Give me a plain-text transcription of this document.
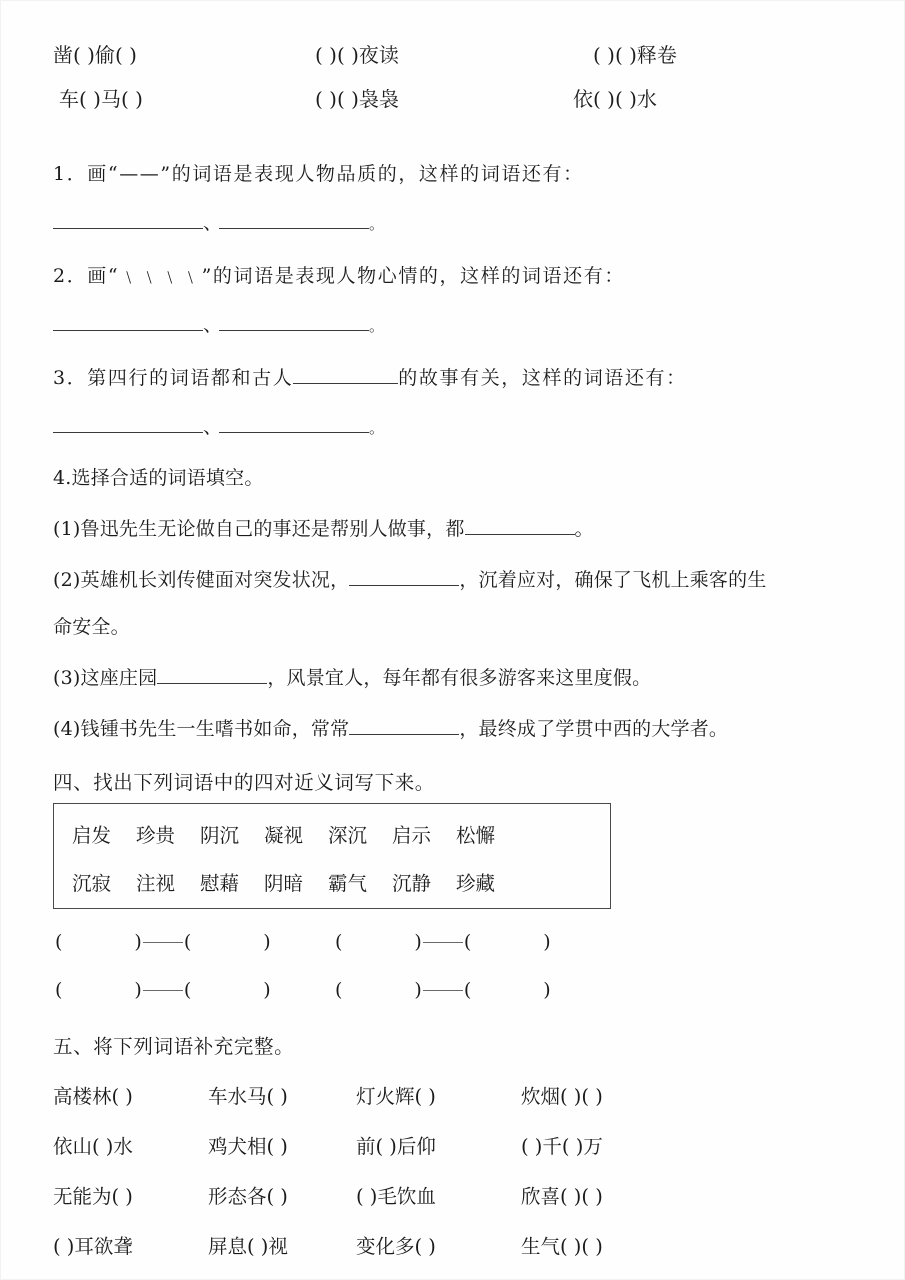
凿( )偷( )	( )( )夜读	( )( )释卷
车( )马( )	( )( )袅袅	依( )( )水
1．画“——”的词语是表现人物品质的，这样的词语还有：
、	。
2．画“﹨﹨﹨﹨”的词语是表现人物心情的，这样的词语还有：
、	。
3．第四行的词语都和古人	的故事有关，这样的词语还有：
、	。
4.选择合适的词语填空。
(1)鲁迅先生无论做自己的事还是帮别人做事，都	。
(2)英雄机长刘传健面对突发状况，	，沉着应对，确保了飞机上乘客的生
命安全。
(3)这座庄园	，风景宜人，每年都有很多游客来这里度假。
(4)钱锺书先生一生嗜书如命，常常	，最终成了学贯中西的大学者。
四、找出下列词语中的四对近义词写下来。
启发 珍贵 阴沉 凝视 深沉 启示 松懈
沉寂 注视 慰藉 阴暗 霸气 沉静 珍藏
(	) (	)	(	) (	)
(	) (	)	(	) (	)
五、将下列词语补充完整。
高楼林( )	车水马( )	灯火辉( )	炊烟( )( )
依山( )水	鸡犬相( )	前( )后仰	( )千( )万
无能为( )	形态各( )	( )毛饮血	欣喜( )( )
( )耳欲聋	屏息( )视	变化多( )	生气( )( )
